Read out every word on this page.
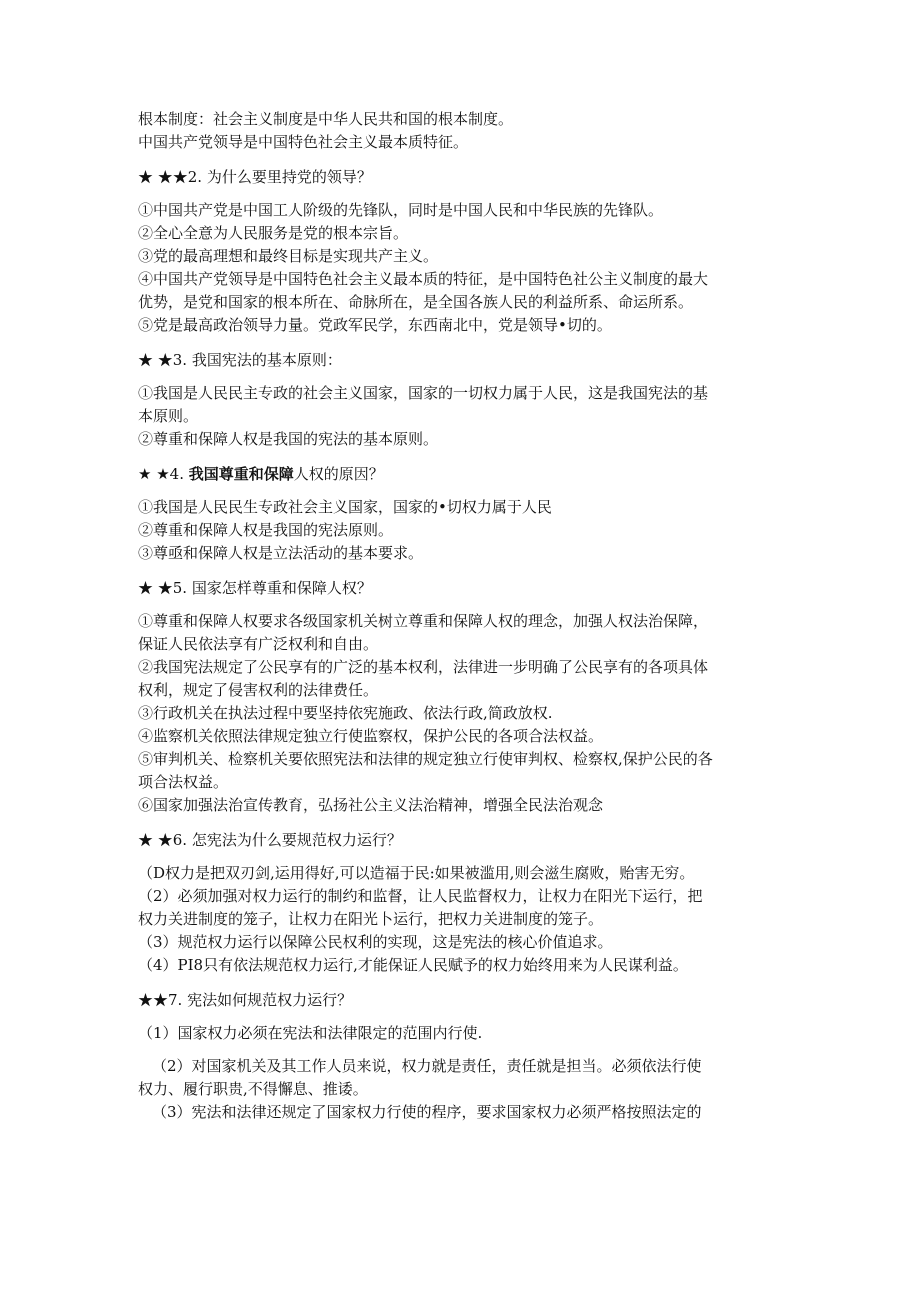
根本制度：社会主义制度是中华人民共和国的根本制度。

中国共产党领导是中国特色社会主义最本质特征。

★ ★★2. 为什么要里持党的领导？

①中国共产党是中国工人阶级的先锋队，同时是中国人民和中华民族的先锋队。

②全心全意为人民服务是党的根本宗旨。

③党的最高理想和最终目标是实现共产主义。

④中国共产党领导是中国特色社会主义最本质的特征，是中国特色社公主义制度的最大

优势，是党和国家的根本所在、命脉所在，是全国各族人民的利益所系、命运所系。

⑤党是最高政治领导力量。党政军民学，东西南北中，党是领导•切的。

★ ★3. 我国宪法的基本原则：

①我国是人民民主专政的社会主义国家，国家的一切权力属于人民，这是我国宪法的基

本原则。

②尊重和保障人权是我国的宪法的基本原则。

★ ★4. 我国尊重和保障人权的原因？

①我国是人民民生专政社会主义国家，国家的•切权力属于人民

②尊重和保障人权是我国的宪法原则。

③尊亟和保障人权是立法活动的基本要求。

★ ★5. 国家怎样尊重和保障人权？

①尊重和保障人权要求各级国家机关树立尊重和保障人权的理念，加强人权法治保障，

保证人民依法享有广泛权利和自由。

②我国宪法规定了公民享有的广泛的基本权利，法律进一步明确了公民享有的各项具体

权利，规定了侵害权利的法律费任。

③行政机关在执法过程中要坚持依宪施政、依法行政,简政放权.

④监察机关依照法律规定独立行使监察权，保护公民的各项合法权益。

⑤审判机关、检察机关要依照宪法和法律的规定独立行使审判权、检察权,保护公民的各

项合法权益。

⑥国家加强法治宣传教育，弘扬社公主义法治精神，增强全民法治观念

★ ★6. 怎宪法为什么要规范权力运行？

（D权力是把双刃剑,运用得好,可以造福于民:如果被滥用,则会滋生腐败，贻害无穷。

（2）必须加强对权力运行的制约和监督，让人民监督权力，让权力在阳光下运行，把

权力关进制度的笼子，让权力在阳光卜运行，把权力关进制度的笼子。

（3）规范权力运行以保障公民权利的实现，这是宪法的核心价值追求。

（4）PI8只有依法规范权力运行,才能保证人民赋予的权力始终用来为人民谋利益。

★★7. 宪法如何规范权力运行？

（1）国家权力必须在宪法和法律限定的范围内行使.

（2）对国家机关及其工作人员来说，权力就是责任，责任就是担当。必须依法行使

权力、履行职贵,不得懈息、推诿。

（3）宪法和法律还规定了国家权力行使的程序，要求国家权力必须严格按照法定的
